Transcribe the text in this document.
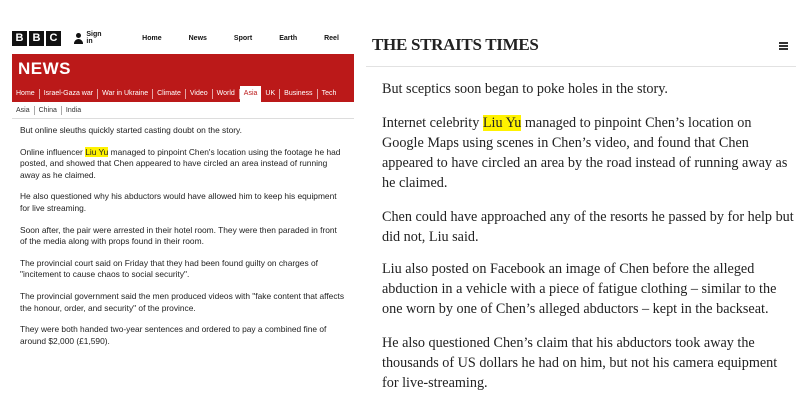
B B C	Sign in	Home	News	Sport	Earth	Reel
NEWS
Home	Israel-Gaza war	War in Ukraine	Climate	Video	World	Asia	UK	Business	Tech
Asia	China	India

But online sleuths quickly started casting doubt on the story.

Online influencer Liu Yu managed to pinpoint Chen's location using the footage he had posted, and showed that Chen appeared to have circled an area instead of running away as he claimed.

He also questioned why his abductors would have allowed him to keep his equipment for live streaming.

Soon after, the pair were arrested in their hotel room. They were then paraded in front of the media along with props found in their room.

The provincial court said on Friday that they had been found guilty on charges of "incitement to cause chaos to social security".

The provincial government said the men produced videos with "fake content that affects the honour, order, and security" of the province.

They were both handed two-year sentences and ordered to pay a combined fine of around $2,000 (£1,590).

THE STRAITS TIMES

But sceptics soon began to poke holes in the story.

Internet celebrity Liu Yu managed to pinpoint Chen’s location on Google Maps using scenes in Chen’s video, and found that Chen appeared to have circled an area by the road instead of running away as he claimed.

Chen could have approached any of the resorts he passed by for help but did not, Liu said.

Liu also posted on Facebook an image of Chen before the alleged abduction in a vehicle with a piece of fatigue clothing – similar to the one worn by one of Chen’s alleged abductors – kept in the backseat.

He also questioned Chen’s claim that his abductors took away the thousands of US dollars he had on him, but not his camera equipment for live-streaming.
